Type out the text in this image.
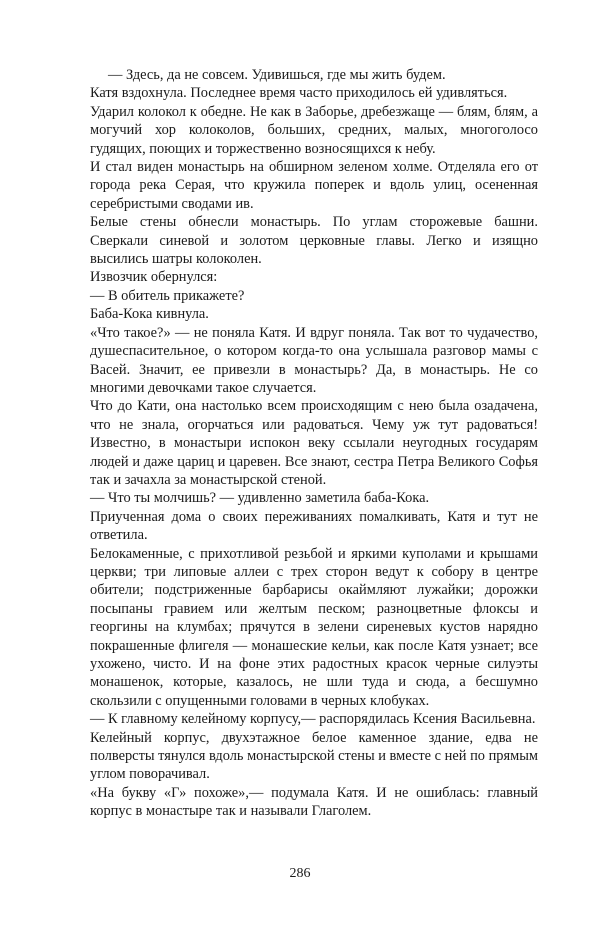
— Здесь, да не совсем. Удивишься, где мы жить будем.

Катя вздохнула. Последнее время часто приходилось ей удивляться.

Ударил колокол к обедне. Не как в Заборье, дребезжаще — блям, блям, а могучий хор колоколов, больших, средних, малых, многоголосо гудящих, поющих и торжественно возносящихся к небу.

И стал виден монастырь на обширном зеленом холме. Отделяла его от города река Серая, что кружила поперек и вдоль улиц, осененная серебристыми сводами ив.

Белые стены обнесли монастырь. По углам сторожевые башни. Сверкали синевой и золотом церковные главы. Легко и изящно высились шатры колоколен.

Извозчик обернулся:

— В обитель прикажете?

Баба-Кока кивнула.

«Что такое?» — не поняла Катя. И вдруг поняла. Так вот то чудачество, душеспасительное, о котором когда-то она услышала разговор мамы с Васей. Значит, ее привезли в монастырь? Да, в монастырь. Не со многими девочками такое случается.

Что до Кати, она настолько всем происходящим с нею была озадачена, что не знала, огорчаться или радоваться. Чему уж тут радоваться! Известно, в монастыри испокон веку ссылали неугодных государям людей и даже цариц и царевен. Все знают, сестра Петра Великого Софья так и зачахла за монастырской стеной.

— Что ты молчишь? — удивленно заметила баба-Кока.

Приученная дома о своих переживаниях помалкивать, Катя и тут не ответила.

Белокаменные, с прихотливой резьбой и яркими куполами и крышами церкви; три липовые аллеи с трех сторон ведут к собору в центре обители; подстриженные барбарисы окаймляют лужайки; дорожки посыпаны гравием или желтым песком; разноцветные флоксы и георгины на клумбах; прячутся в зелени сиреневых кустов нарядно покрашенные флигеля — монашеские кельи, как после Катя узнает; все ухожено, чисто. И на фоне этих радостных красок черные силуэты монашенок, которые, казалось, не шли туда и сюда, а бесшумно скользили с опущенными головами в черных клобуках.

— К главному келейному корпусу,— распорядилась Ксения Васильевна.

Келейный корпус, двухэтажное белое каменное здание, едва не полверсты тянулся вдоль монастырской стены и вместе с ней по прямым углом поворачивал.

«На букву «Г» похоже»,— подумала Катя. И не ошиблась: главный корпус в монастыре так и называли Глаголем.

286
